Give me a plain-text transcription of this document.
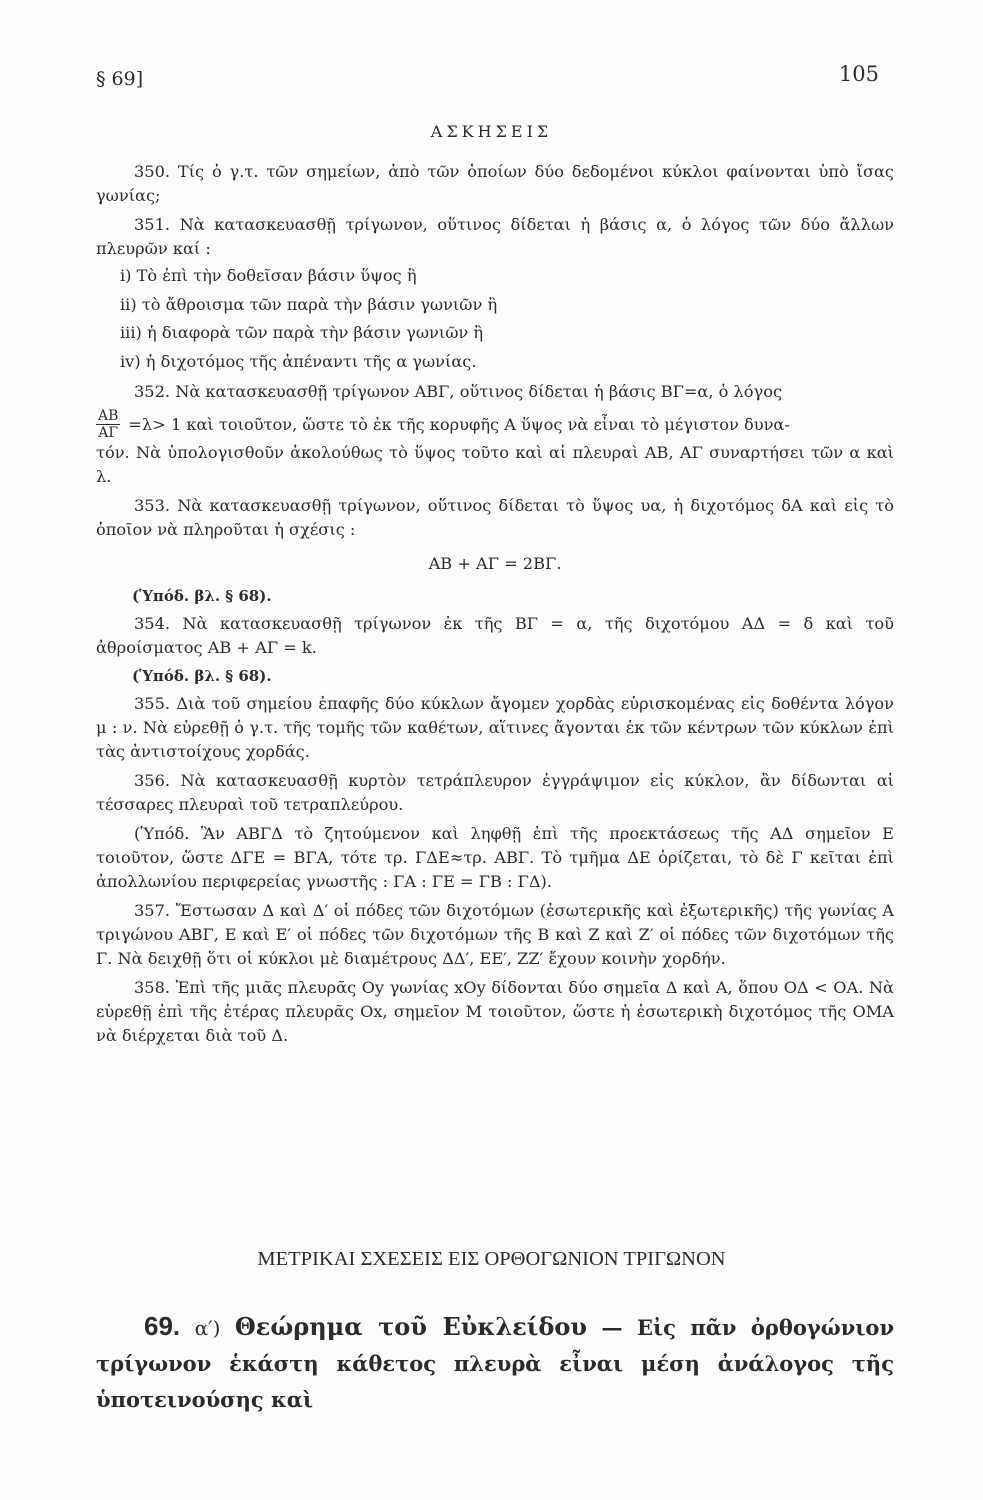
§ 69]	105
ΑΣΚΗΣΕΙΣ

350. Τίς ὁ γ.τ. τῶν σημείων, ἀπὸ τῶν ὁποίων δύο δεδομένοι κύκλοι φαίνονται ὑπὸ ἴσας γωνίας;

351. Νὰ κατασκευασθῇ τρίγωνον, οὕτινος δίδεται ἡ βάσις α, ὁ λόγος τῶν δύο ἄλλων πλευρῶν καί :

i) Τὸ ἐπὶ τὴν δοθεῖσαν βάσιν ὕψος ἢ
ii) τὸ ἄθροισμα τῶν παρὰ τὴν βάσιν γωνιῶν ἢ
iii) ἡ διαφορὰ τῶν παρὰ τὴν βάσιν γωνιῶν ἢ
iv) ἡ διχοτόμος τῆς ἀπέναντι τῆς α γωνίας.

352. Νὰ κατασκευασθῇ τρίγωνον ΑΒΓ, οὕτινος δίδεται ἡ βάσις ΒΓ=α, ὁ λόγος

$\frac{AB}{A\Gamma} =\lambda> 1$ καὶ τοιοῦτον, ὥστε τὸ ἐκ τῆς κορυφῆς Α ὕψος νὰ εἶναι τὸ μέγιστον δυνα-

τόν. Νὰ ὑπολογισθοῦν ἀκολούθως τὸ ὕψος τοῦτο καὶ αἱ πλευραὶ ΑΒ, ΑΓ συναρτήσει τῶν α καὶ λ.

353. Νὰ κατασκευασθῇ τρίγωνον, οὕτινος δίδεται τὸ ὕψος υα, ἡ διχοτόμος δΑ καὶ εἰς τὸ ὁποῖον νὰ πληροῦται ἡ σχέσις :

ΑΒ + ΑΓ = 2ΒΓ.
(Ὑπόδ. βλ. § 68).

354. Νὰ κατασκευασθῇ τρίγωνον ἐκ τῆς ΒΓ = α, τῆς διχοτόμου ΑΔ = δ καὶ τοῦ ἀθροίσματος ΑΒ + ΑΓ = k.

(Ὑπόδ. βλ. § 68).

355. Διὰ τοῦ σημείου ἐπαφῆς δύο κύκλων ἄγομεν χορδὰς εὑρισκομένας εἰς δοθέντα λόγον μ : ν. Νὰ εὑρεθῇ ὁ γ.τ. τῆς τομῆς τῶν καθέτων, αἵτινες ἄγονται ἐκ τῶν κέντρων τῶν κύκλων ἐπὶ τὰς ἀντιστοίχους χορδάς.

356. Νὰ κατασκευασθῇ κυρτὸν τετράπλευρον ἐγγράψιμον εἰς κύκλον, ἂν δίδωνται αἱ τέσσαρες πλευραὶ τοῦ τετραπλεύρου.

(Ὑπόδ. Ἂν ΑΒΓΔ τὸ ζητούμενον καὶ ληφθῇ ἐπὶ τῆς προεκτάσεως τῆς ΑΔ σημεῖον Ε τοιοῦτον, ὥστε ΔΓΕ = ΒΓΑ, τότε τρ. ΓΔΕ≈τρ. ΑΒΓ. Τὸ τμῆμα ΔΕ ὁρίζεται, τὸ δὲ Γ κεῖται ἐπὶ ἀπολλωνίου περιφερείας γνωστῆς : ΓΑ : ΓΕ = ΓΒ : ΓΔ).

357. Ἔστωσαν Δ καὶ Δ′ οἱ πόδες τῶν διχοτόμων (ἐσωτερικῆς καὶ ἐξωτερικῆς) τῆς γωνίας Α τριγώνου ΑΒΓ, Ε καὶ Ε′ οἱ πόδες τῶν διχοτόμων τῆς Β καὶ Ζ καὶ Ζ′ οἱ πόδες τῶν διχοτόμων τῆς Γ. Νὰ δειχθῇ ὅτι οἱ κύκλοι μὲ διαμέτρους ΔΔ′, ΕΕ′, ΖΖ′ ἔχουν κοινὴν χορδήν.

358. Ἐπὶ τῆς μιᾶς πλευρᾶς Οy γωνίας xOy δίδονται δύο σημεῖα Δ καὶ Α, ὅπου ΟΔ < ΟΑ. Νὰ εὑρεθῇ ἐπὶ τῆς ἑτέρας πλευρᾶς Ox, σημεῖον Μ τοιοῦτον, ὥστε ἡ ἐσωτερικὴ διχοτόμος τῆς ΟΜΑ νὰ διέρχεται διὰ τοῦ Δ.

ΜΕΤΡΙΚΑΙ ΣΧΕΣΕΙΣ ΕΙΣ ΟΡΘΟΓΩΝΙΟΝ ΤΡΙΓΩΝΟΝ

69. α′) Θεώρημα τοῦ Εὐκλείδου — Εἰς πᾶν ὀρθογώνιον τρίγωνον ἑκάστη κάθετος πλευρὰ εἶναι μέση ἀνάλογος τῆς ὑποτεινούσης καὶ
